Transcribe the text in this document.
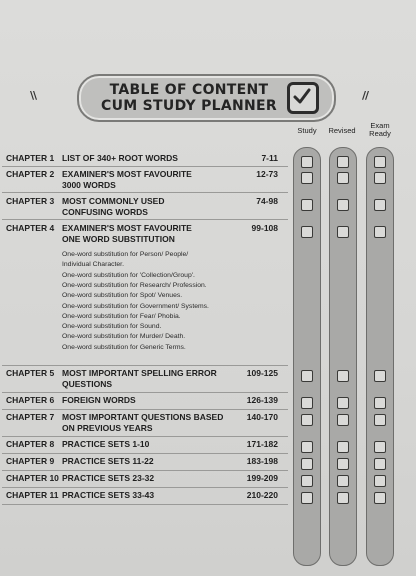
\\	//
TABLE OF CONTENT
CUM STUDY PLANNER
Study	Revised
Exam Ready
CHAPTER 1 LIST OF 340+ ROOT WORDS	7-11
CHAPTER 2 EXAMINER'S MOST FAVOURITE
3000 WORDS
12-73
CHAPTER 3 MOST COMMONLY USED
CONFUSING WORDS
74-98
CHAPTER 4 EXAMINER'S MOST FAVOURITE
ONE WORD SUBSTITUTION
99-108
One-word substitution for Person/ People/
Individual Character.
One-word substitution for 'Collection/Group'.
One-word substitution for Research/ Profession.
One-word substitution for Spot/ Venues.
One-word substitution for Government/ Systems.
One-word substitution for Fear/ Phobia.
One-word substitution for Sound.
One-word substitution for Murder/ Death.
One-word substitution for Generic Terms.
CHAPTER 5 MOST IMPORTANT SPELLING ERROR
QUESTIONS
109-125
CHAPTER 6 FOREIGN WORDS	126-139
CHAPTER 7 MOST IMPORTANT QUESTIONS BASED
ON PREVIOUS YEARS
140-170
CHAPTER 8 PRACTICE SETS 1-10	171-182
CHAPTER 9 PRACTICE SETS 11-22	183-198
CHAPTER 10 PRACTICE SETS 23-32	199-209
CHAPTER 11 PRACTICE SETS 33-43	210-220
